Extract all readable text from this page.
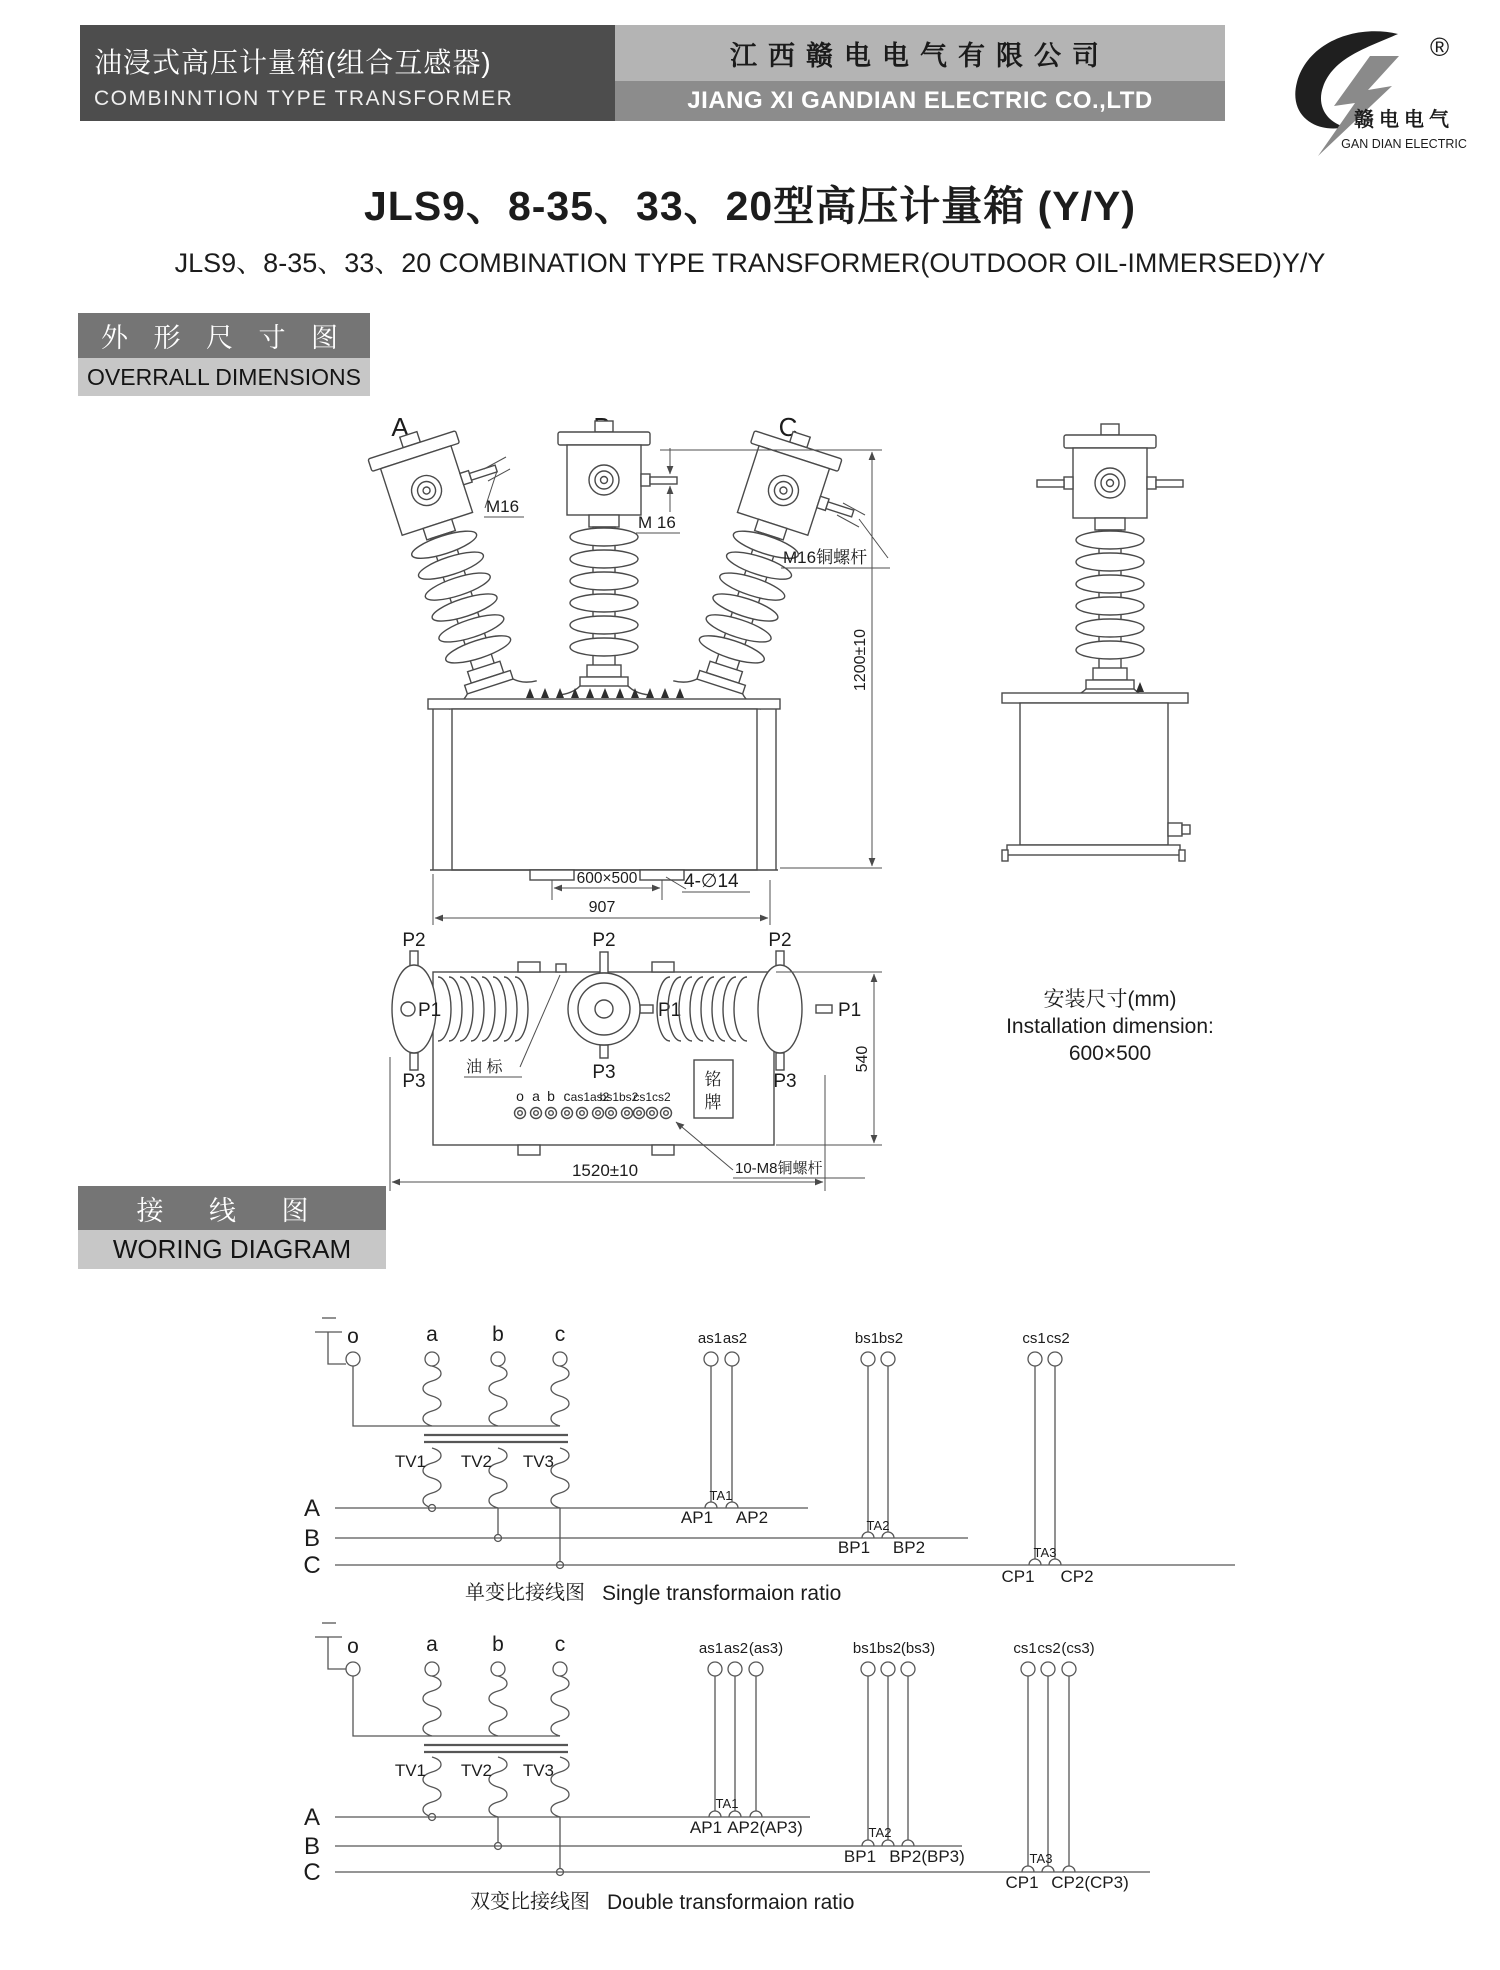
油浸式高压计量箱(组合互感器)
COMBINNTION TYPE TRANSFORMER
江西赣电电气有限公司
JIANG XI GANDIAN ELECTRIC CO.,LTD
®
赣电电气
GAN DIAN ELECTRIC
JLS9、8-35、33、20型高压计量箱 (Y/Y)
JLS9、8-35、33、20 COMBINATION TYPE TRANSFORMER(OUTDOOR OIL-IMMERSED)Y/Y
外 形 尺 寸 图
OVERRALL DIMENSIONS
A	C
M16
M 16
M16铜螺杆
1200±10
600×500 4-∅14
907
P1
P2
P3
P2
P1
P3
P2
P1
P3
油 标
o a b c as1as2
bs1bs2
cs1cs2
铭
牌
540
1520±10	10-M8铜螺杆
安装尺寸(mm)
Installation dimension:
600×500
接 线 图
WORING DIAGRAM
o	a	b c
TV1 TV2 TV3
A
B
C
as1 as2
TA1
AP1 AP2
bs1 bs2
TA2
BP1 BP2
cs1 cs2
TA3
CP1 CP2
单变比接线图 Single transformaion ratio
o	a	b c
TV1 TV2 TV3
A
B
C
as1 as2 (as3)
TA1
AP1 AP2(AP3)
bs1 bs2 (bs3)
TA2
BP1 BP2(BP3)
cs1 cs2 (cs3)
TA3
CP1 CP2(CP3)
双变比接线图 Double transformaion ratio
